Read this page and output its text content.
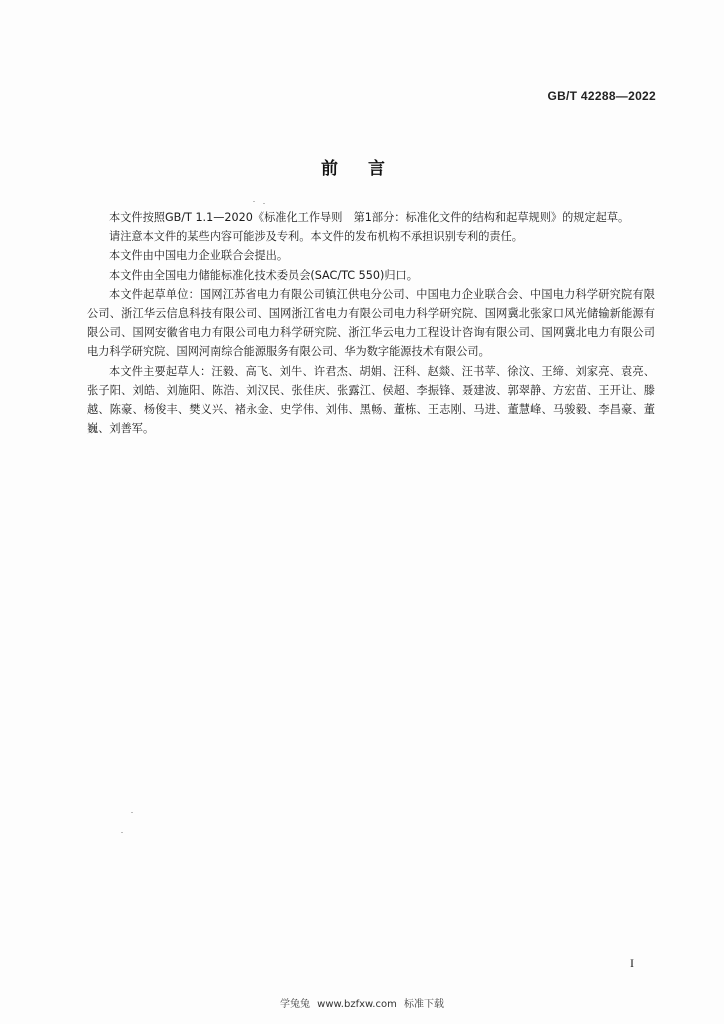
GB/T 42288—2022
前言

本文件按照GB/T 1.1—2020《标准化工作导则　第1部分：标准化文件的结构和起草规则》的规定起草。

请注意本文件的某些内容可能涉及专利。本文件的发布机构不承担识别专利的责任。

本文件由中国电力企业联合会提出。

本文件由全国电力储能标准化技术委员会(SAC/TC 550)归口。

本文件起草单位：国网江苏省电力有限公司镇江供电分公司、中国电力企业联合会、中国电力科学研究院有限公司、浙江华云信息科技有限公司、国网浙江省电力有限公司电力科学研究院、国网冀北张家口风光储输新能源有限公司、国网安徽省电力有限公司电力科学研究院、浙江华云电力工程设计咨询有限公司、国网冀北电力有限公司电力科学研究院、国网河南综合能源服务有限公司、华为数字能源技术有限公司。

本文件主要起草人：汪毅、高飞、刘牛、许君杰、胡娟、汪科、赵燚、汪书苹、徐汶、王缔、刘家亮、袁亮、张子阳、刘皓、刘施阳、陈浩、刘汉民、张佳庆、张露江、侯超、李振锋、聂建波、郭翠静、方宏苗、王开让、滕越、陈豪、杨俊丰、樊义兴、褚永金、史学伟、刘伟、黑畅、董栋、王志刚、马进、董慧峰、马骏毅、李昌豪、董巍、刘善军。

I
学兔兔 www.bzfxw.com 标准下载
